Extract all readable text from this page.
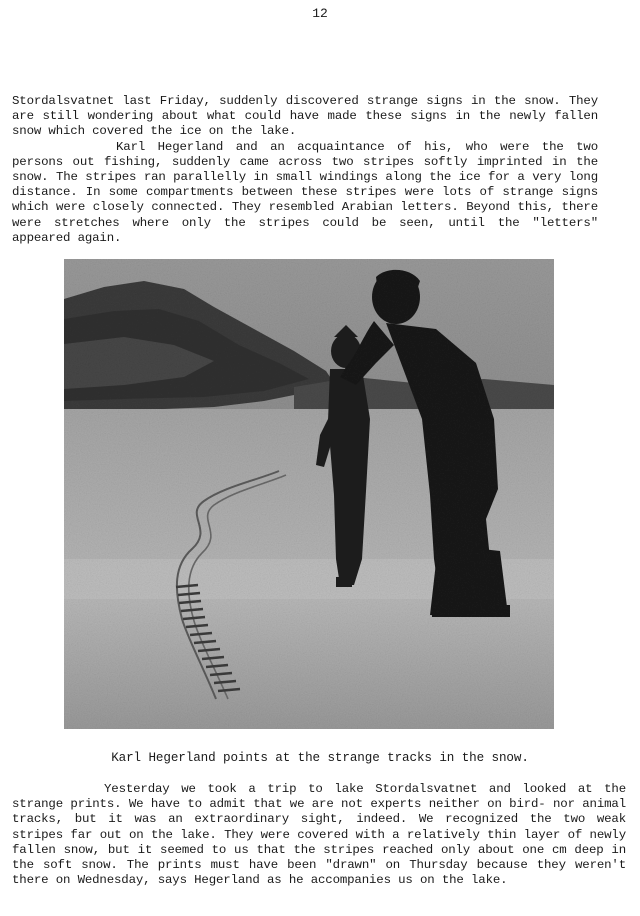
12
Stordalsvatnet last Friday, suddenly discovered strange signs in the snow. They are still wondering about what could have made these signs in the newly fallen snow which covered the ice on the lake.
Karl Hegerland and an acquaintance of his, who were the two persons out fishing, suddenly came across two stripes softly imprinted in the snow. The stripes ran parallelly in small windings along the ice for a very long distance. In some compartments between these stripes were lots of strange signs which were closely connected. They resembled Arabian letters. Beyond this, there were stretches where only the stripes could be seen, until the "letters" appeared again.
Karl Hegerland points at the strange tracks in the snow.
Yesterday we took a trip to lake Stordalsvatnet and looked at the strange prints. We have to admit that we are not experts neither on bird- nor animal tracks, but it was an extraordinary sight, indeed. We recognized the two weak stripes far out on the lake. They were covered with a relatively thin layer of newly fallen snow, but it seemed to us that the stripes reached only about one cm deep in the soft snow. The prints must have been "drawn" on Thursday because they weren't there on Wednesday, says Hegerland as he accompanies us on the lake.
